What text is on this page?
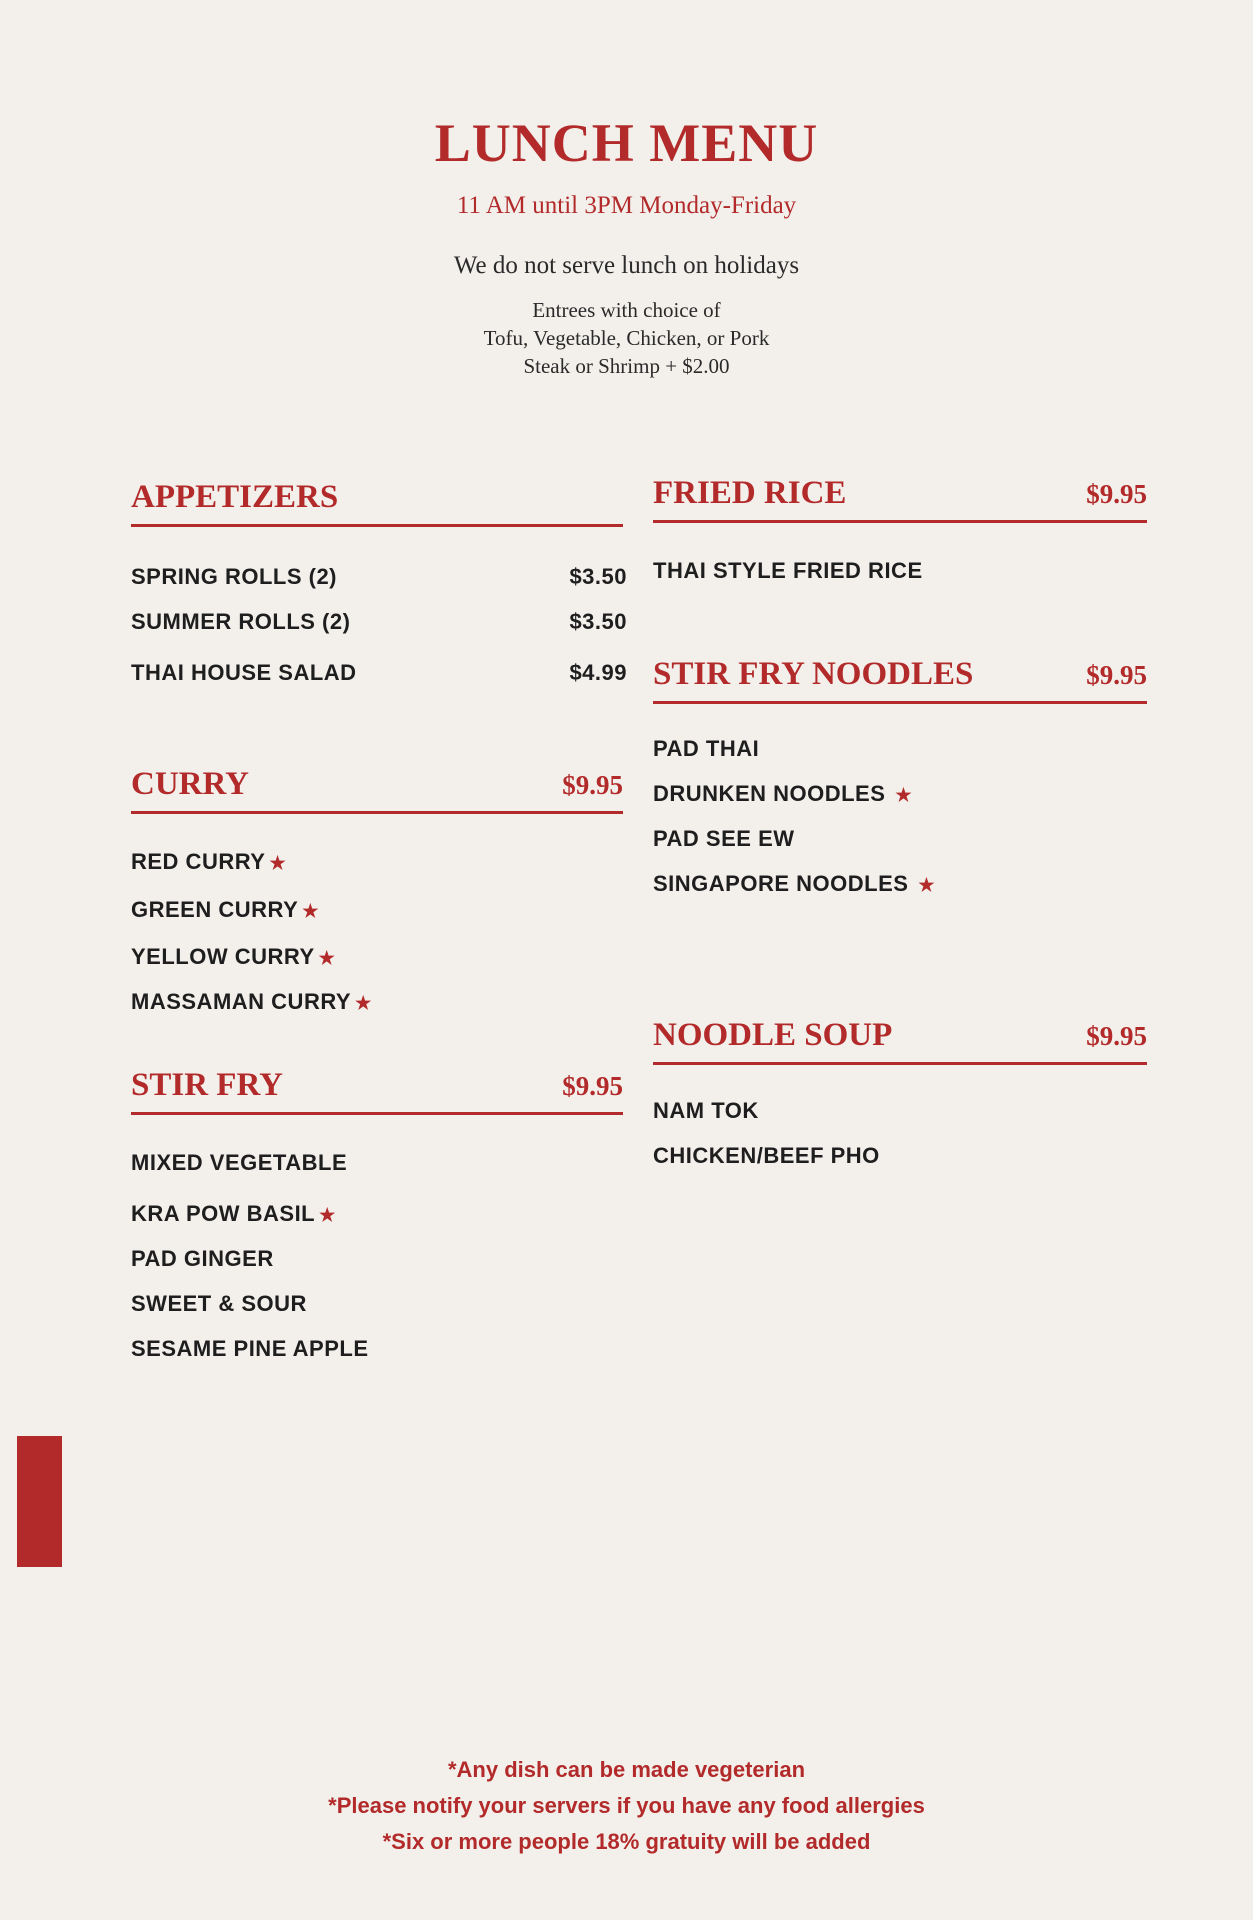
LUNCH MENU
11 AM until 3PM Monday-Friday
We do not serve lunch on holidays
Entrees with choice of
Tofu, Vegetable, Chicken, or Pork
Steak or Shrimp + $2.00
APPETIZERS
SPRING ROLLS (2)	$3.50
SUMMER ROLLS (2)	$3.50
THAI HOUSE SALAD	$4.99
CURRY	$9.95
RED CURRY ★
GREEN CURRY ★
YELLOW CURRY ★
MASSAMAN CURRY ★
STIR FRY	$9.95
MIXED VEGETABLE
KRA POW BASIL ★
PAD GINGER
SWEET & SOUR
SESAME PINE APPLE
FRIED RICE	$9.95
THAI STYLE FRIED RICE
STIR FRY NOODLES	$9.95
PAD THAI
DRUNKEN NOODLES ★
PAD SEE EW
SINGAPORE NOODLES ★
NOODLE SOUP	$9.95
NAM TOK
CHICKEN/BEEF PHO
*Any dish can be made vegeterian
*Please notify your servers if you have any food allergies
*Six or more people 18% gratuity will be added
